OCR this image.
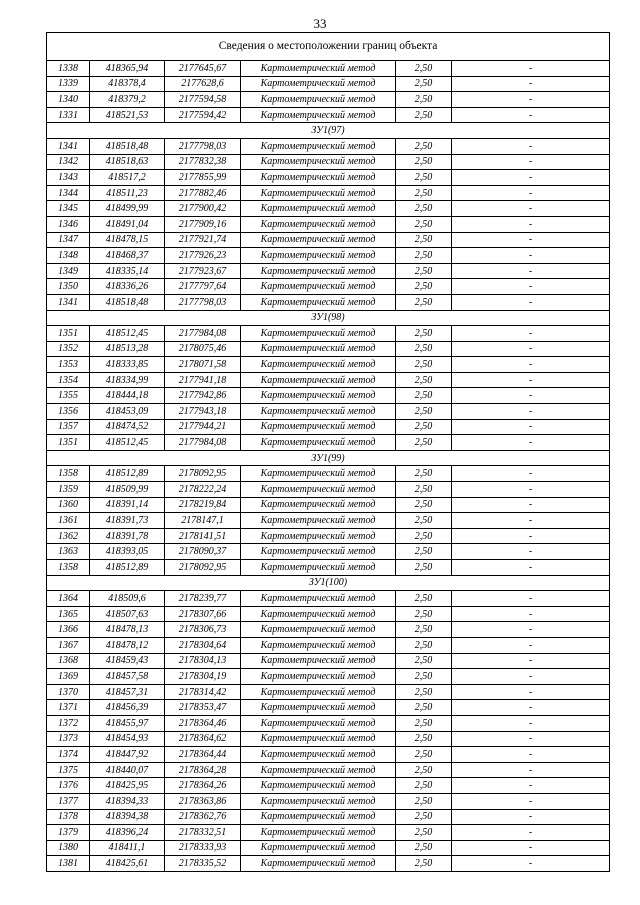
33
Сведения о местоположении границ объекта					
1338	418365,94	2177645,67	Картометрический метод	2,50	-
1339	418378,4	2177628,6	Картометрический метод	2,50	-
1340	418379,2	2177594,58	Картометрический метод	2,50	-
1331	418521,53	2177594,42	Картометрический метод	2,50	-
ЗУ1(97)					
1341	418518,48	2177798,03	Картометрический метод	2,50	-
1342	418518,63	2177832,38	Картометрический метод	2,50	-
1343	418517,2	2177855,99	Картометрический метод	2,50	-
1344	418511,23	2177882,46	Картометрический метод	2,50	-
1345	418499,99	2177900,42	Картометрический метод	2,50	-
1346	418491,04	2177909,16	Картометрический метод	2,50	-
1347	418478,15	2177921,74	Картометрический метод	2,50	-
1348	418468,37	2177926,23	Картометрический метод	2,50	-
1349	418335,14	2177923,67	Картометрический метод	2,50	-
1350	418336,26	2177797,64	Картометрический метод	2,50	-
1341	418518,48	2177798,03	Картометрический метод	2,50	-
ЗУ1(98)					
1351	418512,45	2177984,08	Картометрический метод	2,50	-
1352	418513,28	2178075,46	Картометрический метод	2,50	-
1353	418333,85	2178071,58	Картометрический метод	2,50	-
1354	418334,99	2177941,18	Картометрический метод	2,50	-
1355	418444,18	2177942,86	Картометрический метод	2,50	-
1356	418453,09	2177943,18	Картометрический метод	2,50	-
1357	418474,52	2177944,21	Картометрический метод	2,50	-
1351	418512,45	2177984,08	Картометрический метод	2,50	-
ЗУ1(99)					
1358	418512,89	2178092,95	Картометрический метод	2,50	-
1359	418509,99	2178222,24	Картометрический метод	2,50	-
1360	418391,14	2178219,84	Картометрический метод	2,50	-
1361	418391,73	2178147,1	Картометрический метод	2,50	-
1362	418391,78	2178141,51	Картометрический метод	2,50	-
1363	418393,05	2178090,37	Картометрический метод	2,50	-
1358	418512,89	2178092,95	Картометрический метод	2,50	-
ЗУ1(100)					
1364	418509,6	2178239,77	Картометрический метод	2,50	-
1365	418507,63	2178307,66	Картометрический метод	2,50	-
1366	418478,13	2178306,73	Картометрический метод	2,50	-
1367	418478,12	2178304,64	Картометрический метод	2,50	-
1368	418459,43	2178304,13	Картометрический метод	2,50	-
1369	418457,58	2178304,19	Картометрический метод	2,50	-
1370	418457,31	2178314,42	Картометрический метод	2,50	-
1371	418456,39	2178353,47	Картометрический метод	2,50	-
1372	418455,97	2178364,46	Картометрический метод	2,50	-
1373	418454,93	2178364,62	Картометрический метод	2,50	-
1374	418447,92	2178364,44	Картометрический метод	2,50	-
1375	418440,07	2178364,28	Картометрический метод	2,50	-
1376	418425,95	2178364,26	Картометрический метод	2,50	-
1377	418394,33	2178363,86	Картометрический метод	2,50	-
1378	418394,38	2178362,76	Картометрический метод	2,50	-
1379	418396,24	2178332,51	Картометрический метод	2,50	-
1380	418411,1	2178333,93	Картометрический метод	2,50	-
1381	418425,61	2178335,52	Картометрический метод	2,50	-
